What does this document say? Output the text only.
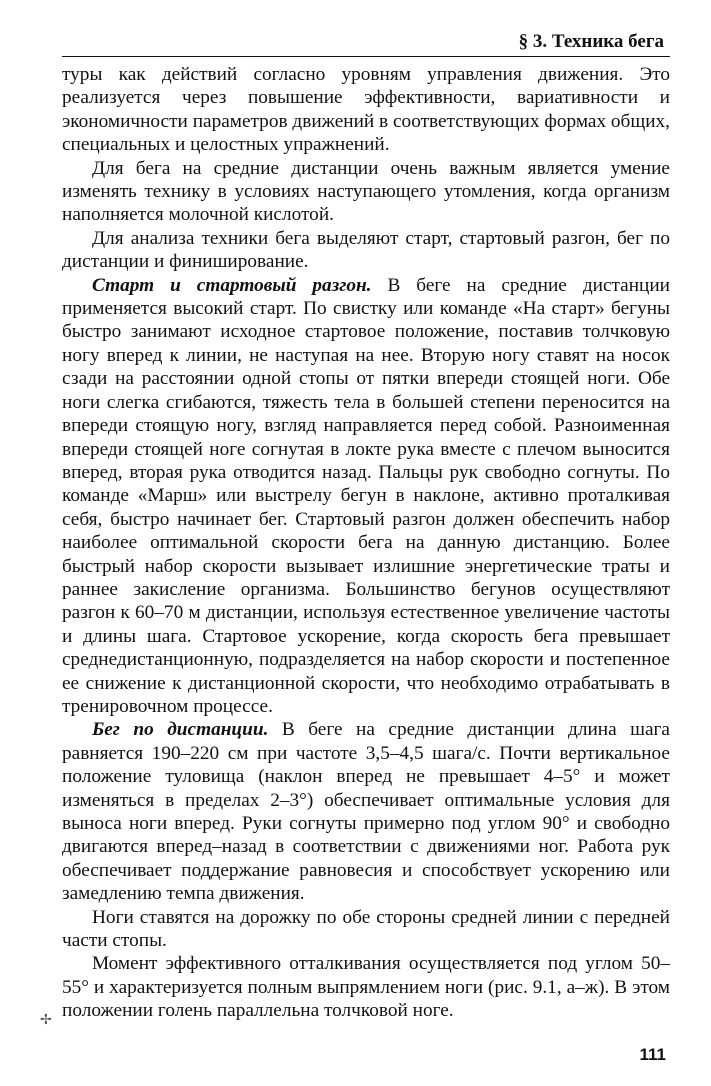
§ 3. Техника бега

туры как действий согласно уровням управления движения. Это реализуется через повышение эффективности, вариативности и экономичности параметров движений в соответствующих формах общих, специальных и целостных упражнений.

Для бега на средние дистанции очень важным является умение изменять технику в условиях наступающего утомления, когда организм наполняется молочной кислотой.

Для анализа техники бега выделяют старт, стартовый разгон, бег по дистанции и финиширование.

Старт и стартовый разгон. В беге на средние дистанции применяется высокий старт. По свистку или команде «На старт» бегуны быстро занимают исходное стартовое положение, поставив толчковую ногу вперед к линии, не наступая на нее. Вторую ногу ставят на носок сзади на расстоянии одной стопы от пятки впереди стоящей ноги. Обе ноги слегка сгибаются, тяжесть тела в большей степени переносится на впереди стоящую ногу, взгляд направляется перед собой. Разноименная впереди стоящей ноге согнутая в локте рука вместе с плечом выносится вперед, вторая рука отводится назад. Пальцы рук свободно согнуты. По команде «Марш» или выстрелу бегун в наклоне, активно проталкивая себя, быстро начинает бег. Стартовый разгон должен обеспечить набор наиболее оптимальной скорости бега на данную дистанцию. Более быстрый набор скорости вызывает излишние энергетические траты и раннее закисление организма. Большинство бегунов осуществляют разгон к 60–70 м дистанции, используя естественное увеличение частоты и длины шага. Стартовое ускорение, когда скорость бега превышает среднедистанционную, подразделяется на набор скорости и постепенное ее снижение к дистанционной скорости, что необходимо отрабатывать в тренировочном процессе.

Бег по дистанции. В беге на средние дистанции длина шага равняется 190–220 см при частоте 3,5–4,5 шага/с. Почти вертикальное положение туловища (наклон вперед не превышает 4–5° и может изменяться в пределах 2–3°) обеспечивает оптимальные условия для выноса ноги вперед. Руки согнуты примерно под углом 90° и свободно двигаются вперед–назад в соответствии с движениями ног. Работа рук обеспечивает поддержание равновесия и способствует ускорению или замедлению темпа движения.

Ноги ставятся на дорожку по обе стороны средней линии с передней части стопы.

Момент эффективного отталкивания осуществляется под углом 50–55° и характеризуется полным выпрямлением ноги (рис. 9.1, а–ж). В этом положении голень параллельна толчковой ноге.

✢
111
